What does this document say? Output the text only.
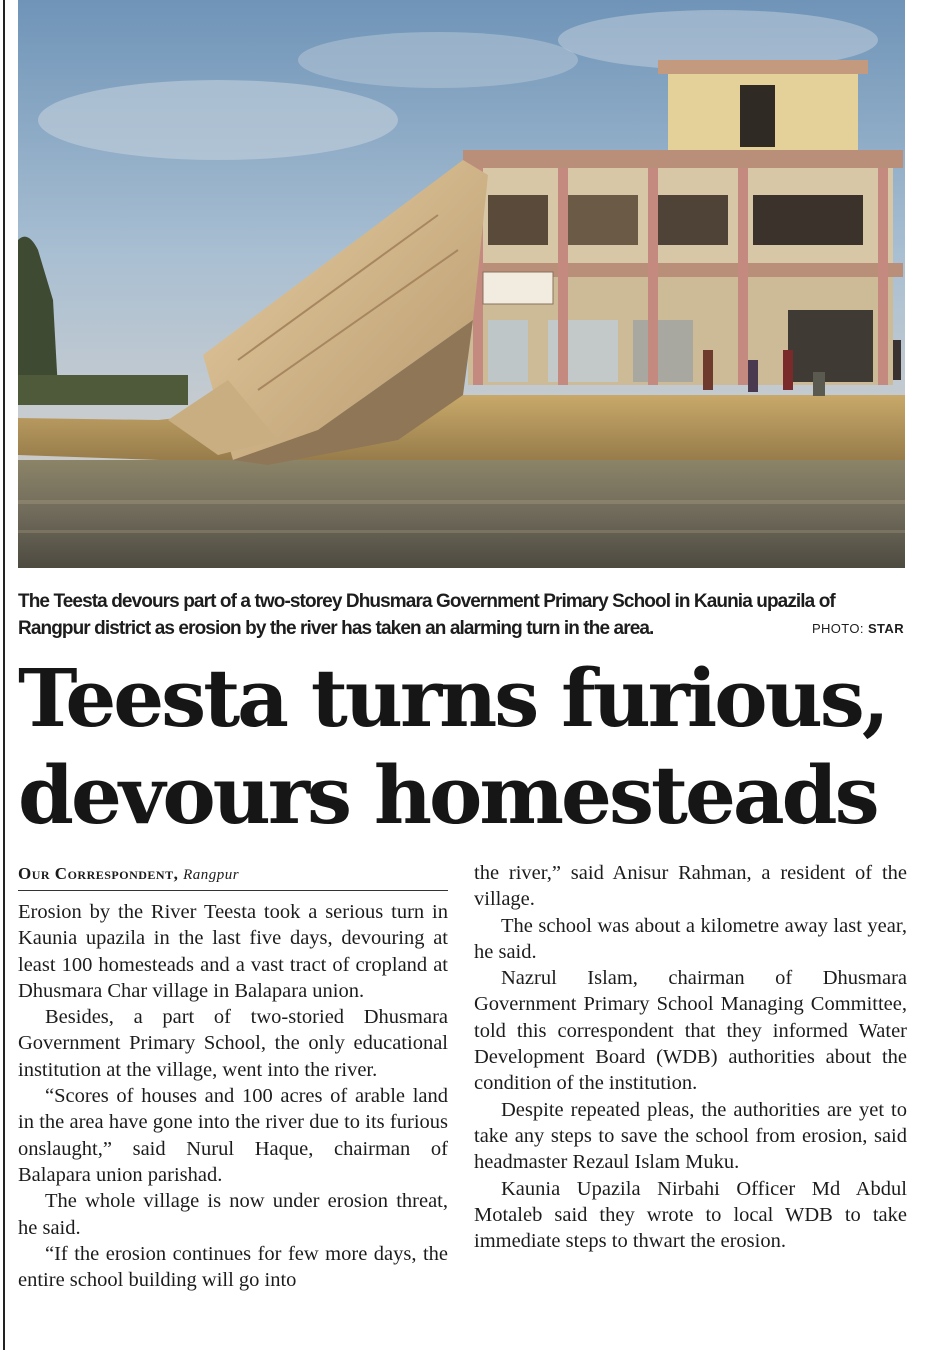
The Teesta devours part of a two-storey Dhusmara Government Primary School in Kaunia upazila of Rangpur district as erosion by the river has taken an alarming turn in the area.	PHOTO: STAR
Teesta turns furious,
devours homesteads
Our Correspondent, Rangpur

Erosion by the River Teesta took a serious turn in Kaunia upazila in the last five days, devouring at least 100 homesteads and a vast tract of cropland at Dhusmara Char village in Balapara union.

Besides, a part of two-storied Dhusmara Government Primary School, the only educational institution at the village, went into the river.

“Scores of houses and 100 acres of arable land in the area have gone into the river due to its furious onslaught,” said Nurul Haque, chairman of Balapara union parishad.

The whole village is now under erosion threat, he said.

“If the erosion continues for few more days, the entire school building will go into

the river,” said Anisur Rahman, a resident of the village.

The school was about a kilometre away last year, he said.

Nazrul Islam, chairman of Dhusmara Government Primary School Managing Committee, told this correspondent that they informed Water Development Board (WDB) authorities about the condition of the institution.

Despite repeated pleas, the authorities are yet to take any steps to save the school from erosion, said headmaster Rezaul Islam Muku.

Kaunia Upazila Nirbahi Officer Md Abdul Motaleb said they wrote to local WDB to take immediate steps to thwart the erosion.
